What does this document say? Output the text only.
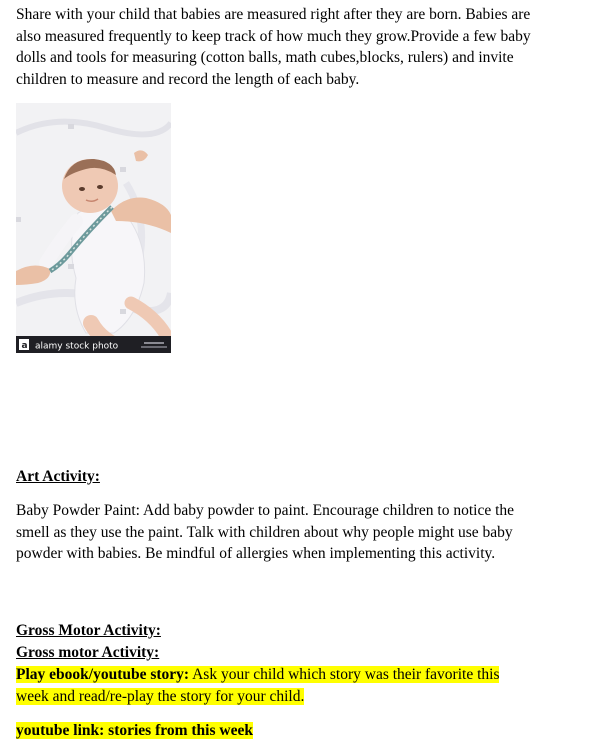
Share with your child that babies are measured right after they are born. Babies are
also measured frequently to keep track of how much they grow.Provide a few baby
dolls and tools for measuring (cotton balls, math cubes,blocks, rulers) and invite
children to measure and record the length of each baby.
a alamy stock photo

Art Activity:

Baby Powder Paint: Add baby powder to paint. Encourage children to notice the
smell as they use the paint. Talk with children about why people might use baby
powder with babies. Be mindful of allergies when implementing this activity.

Gross Motor Activity:

Gross motor Activity:

Play ebook/youtube story: Ask your child which story was their favorite this
week and read/re-play the story for your child.

youtube link: stories from this week
